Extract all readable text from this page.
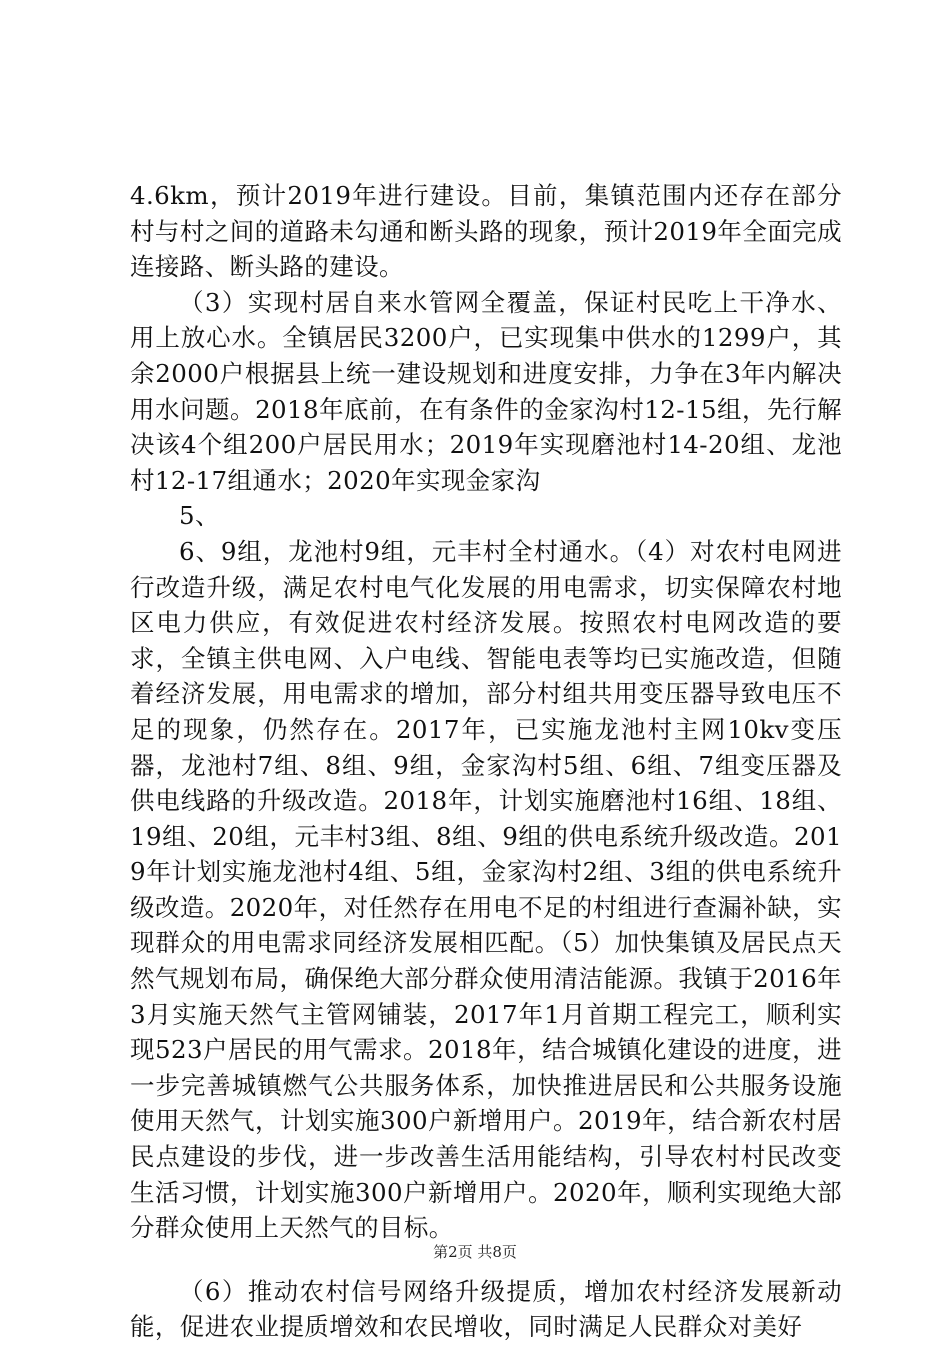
4.6km，预计2019年进行建设。目前，集镇范围内还存在部分村与村之间的道路未勾通和断头路的现象，预计2019年全面完成连接路、断头路的建设。

（3）实现村居自来水管网全覆盖，保证村民吃上干净水、用上放心水。全镇居民3200户，已实现集中供水的1299户，其余2000户根据县上统一建设规划和进度安排，力争在3年内解决用水问题。2018年底前，在有条件的金家沟村12-15组，先行解决该4个组200户居民用水；2019年实现磨池村14-20组、龙池村12-17组通水；2020年实现金家沟

5、

6、9组，龙池村9组，元丰村全村通水。（4）对农村电网进行改造升级，满足农村电气化发展的用电需求，切实保障农村地区电力供应，有效促进农村经济发展。按照农村电网改造的要求，全镇主供电网、入户电线、智能电表等均已实施改造，但随着经济发展，用电需求的增加，部分村组共用变压器导致电压不足的现象，仍然存在。2017年，已实施龙池村主网10kv变压器，龙池村7组、8组、9组，金家沟村5组、6组、7组变压器及供电线路的升级改造。2018年，计划实施磨池村16组、18组、19组、20组，元丰村3组、8组、9组的供电系统升级改造。2019年计划实施龙池村4组、5组，金家沟村2组、3组的供电系统升级改造。2020年，对任然存在用电不足的村组进行查漏补缺，实现群众的用电需求同经济发展相匹配。（5）加快集镇及居民点天然气规划布局，确保绝大部分群众使用清洁能源。我镇于2016年3月实施天然气主管网铺装，2017年1月首期工程完工，顺利实现523户居民的用气需求。2018年，结合城镇化建设的进度，进一步完善城镇燃气公共服务体系，加快推进居民和公共服务设施使用天然气，计划实施300户新增用户。2019年，结合新农村居民点建设的步伐，进一步改善生活用能结构，引导农村村民改变生活习惯，计划实施300户新增用户。2020年，顺利实现绝大部分群众使用上天然气的目标。

（6）推动农村信号网络升级提质，增加农村经济发展新动能，促进农业提质增效和农民增收，同时满足人民群众对美好

第2页 共8页
